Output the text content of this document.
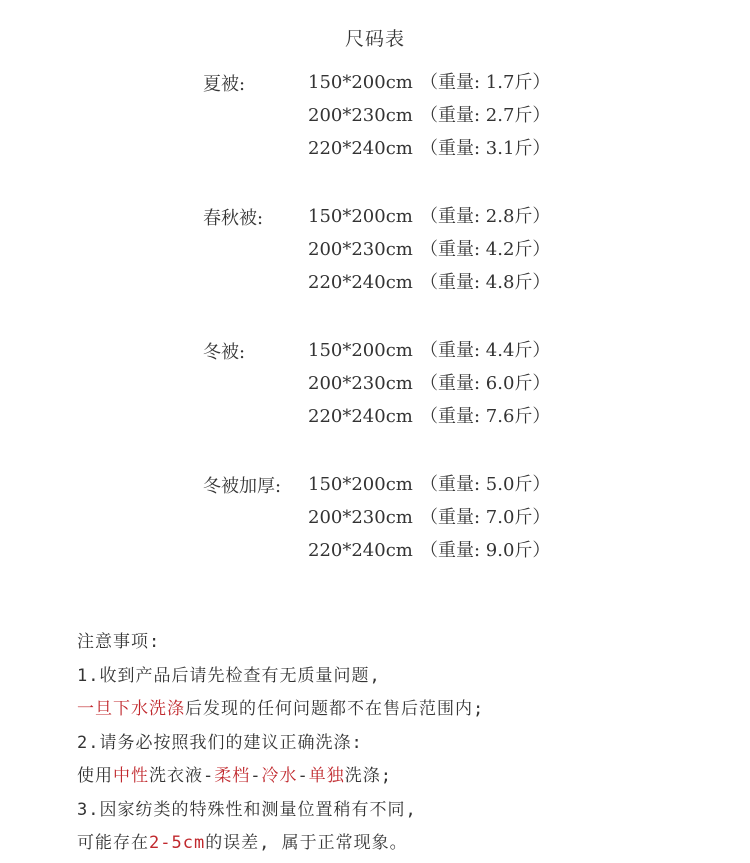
尺码表
夏被:	150*200cm （重量: 1.7斤）
200*230cm （重量: 2.7斤）
220*240cm （重量: 3.1斤）
春秋被: 150*200cm （重量: 2.8斤）
200*230cm （重量: 4.2斤）
220*240cm （重量: 4.8斤）
冬被:	150*200cm （重量: 4.4斤）
200*230cm （重量: 6.0斤）
220*240cm （重量: 7.6斤）
冬被加厚: 150*200cm （重量: 5.0斤）
200*230cm （重量: 7.0斤）
220*240cm （重量: 9.0斤）
注意事项:
1.收到产品后请先检查有无质量问题,
一旦下水洗涤后发现的任何问题都不在售后范围内;
2.请务必按照我们的建议正确洗涤:
使用中性洗衣液-柔档-冷水-单独洗涤;
3.因家纺类的特殊性和测量位置稍有不同,
可能存在2-5cm的误差, 属于正常现象。
